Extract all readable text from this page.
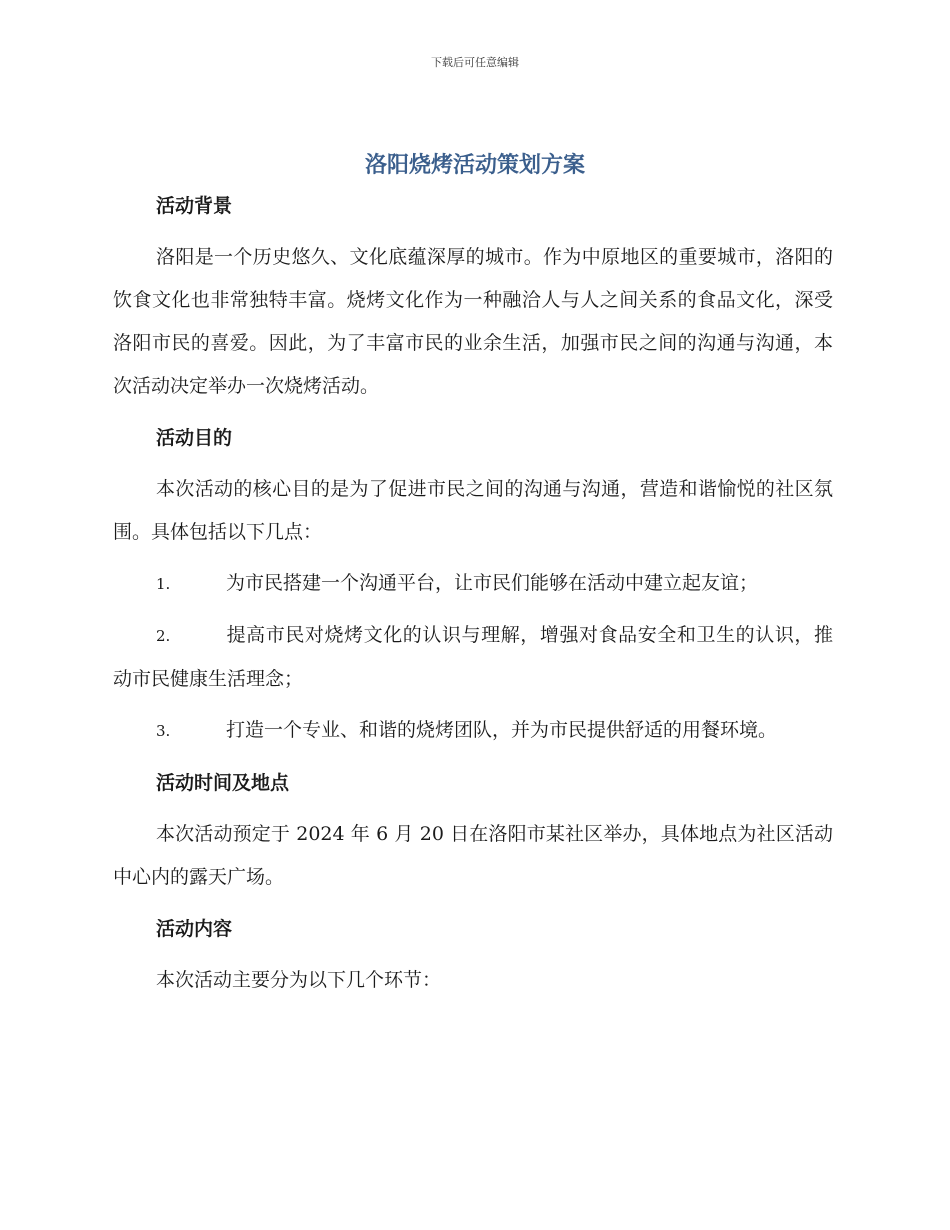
下载后可任意编辑
洛阳烧烤活动策划方案

活动背景

洛阳是一个历史悠久、文化底蕴深厚的城市。作为中原地区的重要城市，洛阳的饮食文化也非常独特丰富。烧烤文化作为一种融洽人与人之间关系的食品文化，深受洛阳市民的喜爱。因此，为了丰富市民的业余生活，加强市民之间的沟通与沟通，本次活动决定举办一次烧烤活动。

活动目的

本次活动的核心目的是为了促进市民之间的沟通与沟通，营造和谐愉悦的社区氛围。具体包括以下几点：

1.	为市民搭建一个沟通平台，让市民们能够在活动中建立起友谊；

2.	提高市民对烧烤文化的认识与理解，增强对食品安全和卫生的认识，推动市民健康生活理念；

3.	打造一个专业、和谐的烧烤团队，并为市民提供舒适的用餐环境。

活动时间及地点

本次活动预定于 2024 年 6 月 20 日在洛阳市某社区举办，具体地点为社区活动中心内的露天广场。

活动内容

本次活动主要分为以下几个环节：
